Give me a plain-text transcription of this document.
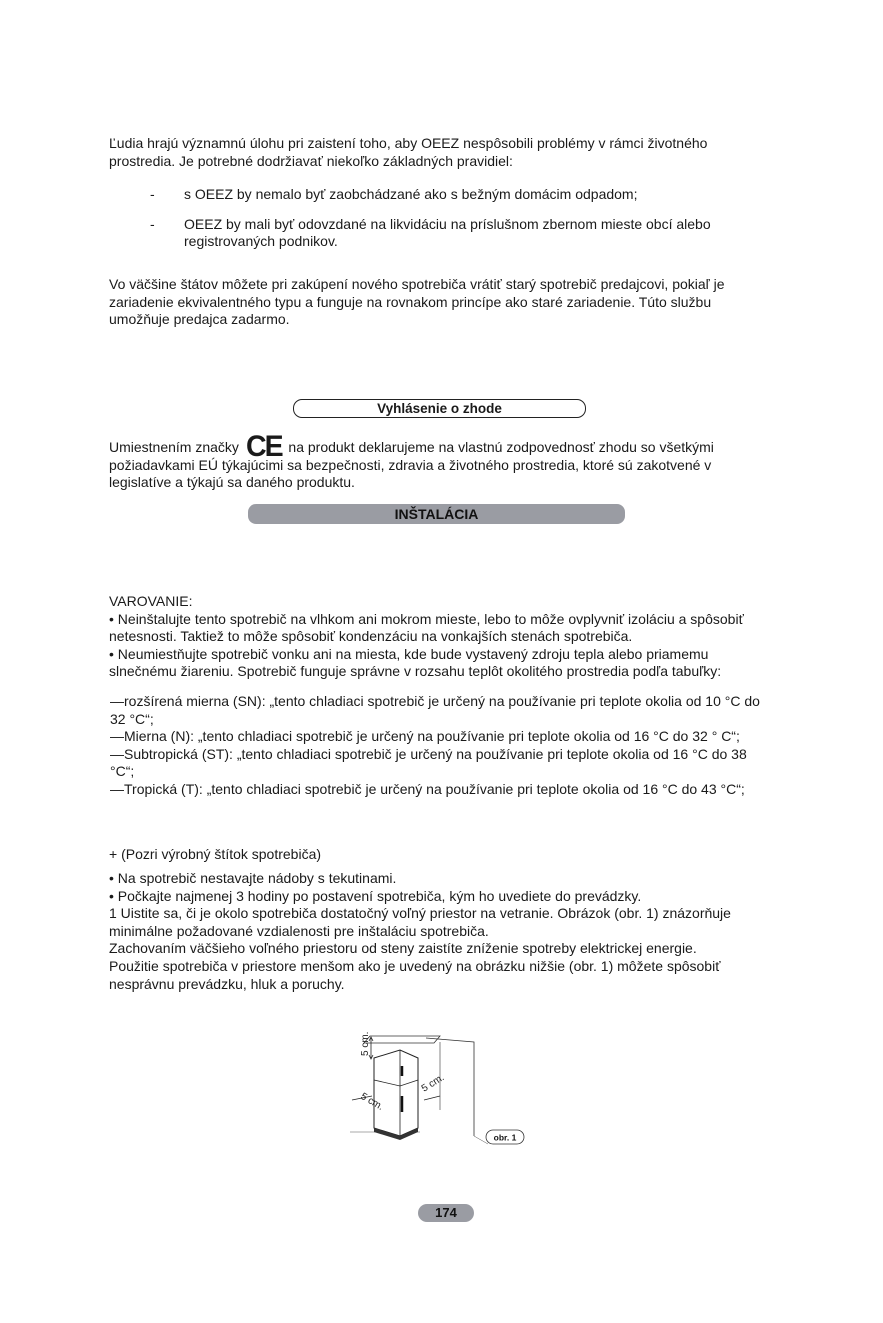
Ľudia hrajú významnú úlohu pri zaistení toho, aby OEEZ nespôsobili problémy v rámci životného prostredia. Je potrebné dodržiavať niekoľko základných pravidiel:

-	s OEEZ by nemalo byť zaobchádzané ako s bežným domácim odpadom;
-	OEEZ by mali byť odovzdané na likvidáciu na príslušnom zbernom mieste obcí alebo registrovaných podnikov.

Vo väčšine štátov môžete pri zakúpení nového spotrebiča vrátiť starý spotrebič predajcovi, pokiaľ je zariadenie ekvivalentného typu a funguje na rovnakom princípe ako staré zariadenie. Túto službu umožňuje predajca zadarmo.

Vyhlásenie o zhode

Umiestnením značky CE na produkt deklarujeme na vlastnú zodpovednosť zhodu so všetkými požiadavkami EÚ týkajúcimi sa bezpečnosti, zdravia a životného prostredia, ktoré sú zakotvené v legislatíve a týkajú sa daného produktu.

INŠTALÁCIA

VAROVANIE:

• Neinštalujte tento spotrebič na vlhkom ani mokrom mieste, lebo to môže ovplyvniť izoláciu a spôsobiť netesnosti. Taktiež to môže spôsobiť kondenzáciu na vonkajších stenách spotrebiča.

• Neumiestňujte spotrebič vonku ani na miesta, kde bude vystavený zdroju tepla alebo priamemu slnečnému žiareniu. Spotrebič funguje správne v rozsahu teplôt okolitého prostredia podľa tabuľky:

—rozšírená mierna (SN): „tento chladiaci spotrebič je určený na používanie pri teplote okolia od 10 °C do 32 °C“;

—Mierna (N): „tento chladiaci spotrebič je určený na používanie pri teplote okolia od 16 °C do 32 ° C“;

—Subtropická (ST): „tento chladiaci spotrebič je určený na používanie pri teplote okolia od 16 °C do 38 °C“;

—Tropická (T): „tento chladiaci spotrebič je určený na používanie pri teplote okolia od 16 °C do 43 °C“;

+ (Pozri výrobný štítok spotrebiča)

• Na spotrebič nestavajte nádoby s tekutinami.

• Počkajte najmenej 3 hodiny po postavení spotrebiča, kým ho uvediete do prevádzky.

1 Uistite sa, či je okolo spotrebiča dostatočný voľný priestor na vetranie. Obrázok (obr. 1) znázorňuje minimálne požadované vzdialenosti pre inštaláciu spotrebiča.

Zachovaním väčšieho voľného priestoru od steny zaistíte zníženie spotreby elektrickej energie.

Použitie spotrebiča v priestore menšom ako je uvedený na obrázku nižšie (obr. 1) môžete spôsobiť nesprávnu prevádzku, hluk a poruchy.

5 cm.
5 cm.
5 cm.
obr. 1
174
